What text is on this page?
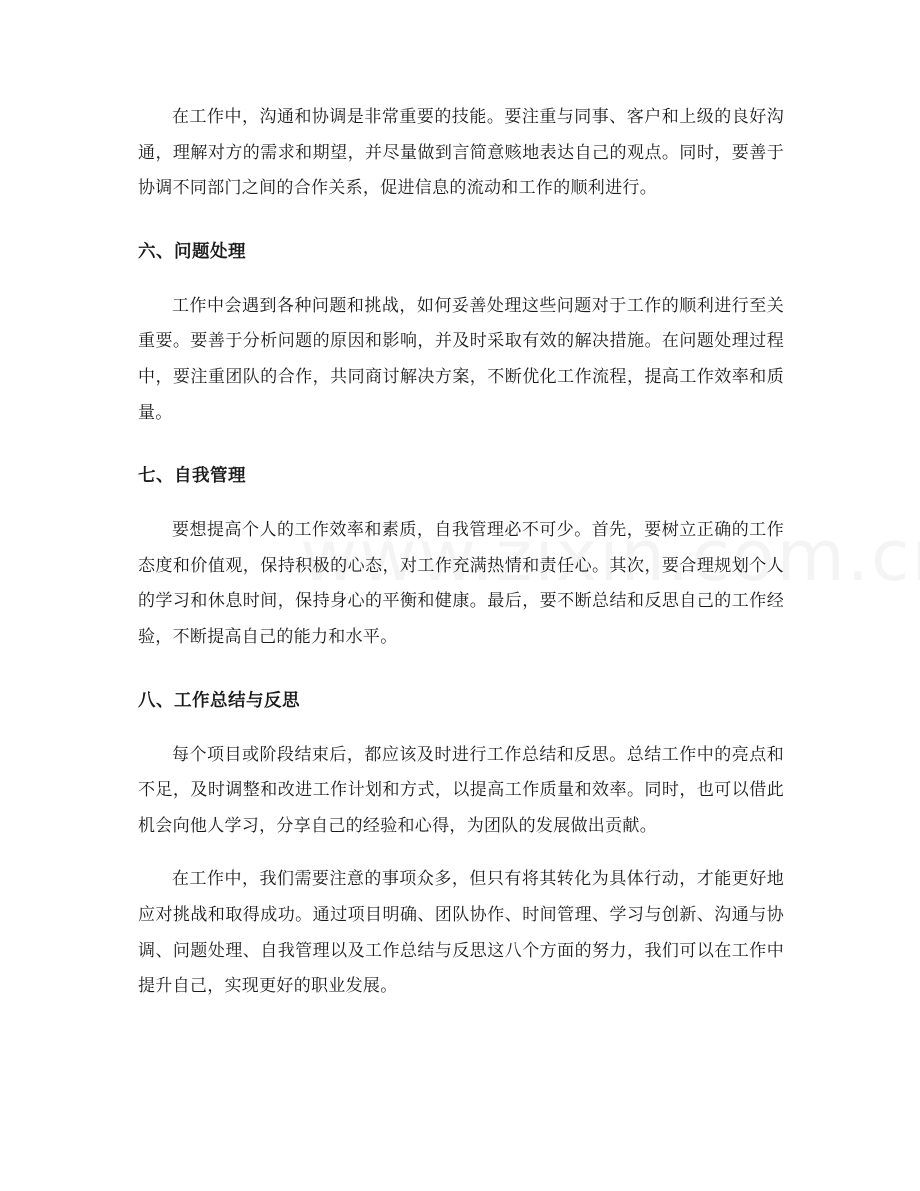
在工作中，沟通和协调是非常重要的技能。要注重与同事、客户和上级的良好沟通，理解对方的需求和期望，并尽量做到言简意赅地表达自己的观点。同时，要善于协调不同部门之间的合作关系，促进信息的流动和工作的顺利进行。

六、问题处理

工作中会遇到各种问题和挑战，如何妥善处理这些问题对于工作的顺利进行至关重要。要善于分析问题的原因和影响，并及时采取有效的解决措施。在问题处理过程中，要注重团队的合作，共同商讨解决方案，不断优化工作流程，提高工作效率和质量。

七、自我管理

要想提高个人的工作效率和素质，自我管理必不可少。首先，要树立正确的工作态度和价值观，保持积极的心态，对工作充满热情和责任心。其次，要合理规划个人的学习和休息时间，保持身心的平衡和健康。最后，要不断总结和反思自己的工作经验，不断提高自己的能力和水平。

八、工作总结与反思

每个项目或阶段结束后，都应该及时进行工作总结和反思。总结工作中的亮点和不足，及时调整和改进工作计划和方式，以提高工作质量和效率。同时，也可以借此机会向他人学习，分享自己的经验和心得，为团队的发展做出贡献。

在工作中，我们需要注意的事项众多，但只有将其转化为具体行动，才能更好地应对挑战和取得成功。通过项目明确、团队协作、时间管理、学习与创新、沟通与协调、问题处理、自我管理以及工作总结与反思这八个方面的努力，我们可以在工作中提升自己，实现更好的职业发展。
